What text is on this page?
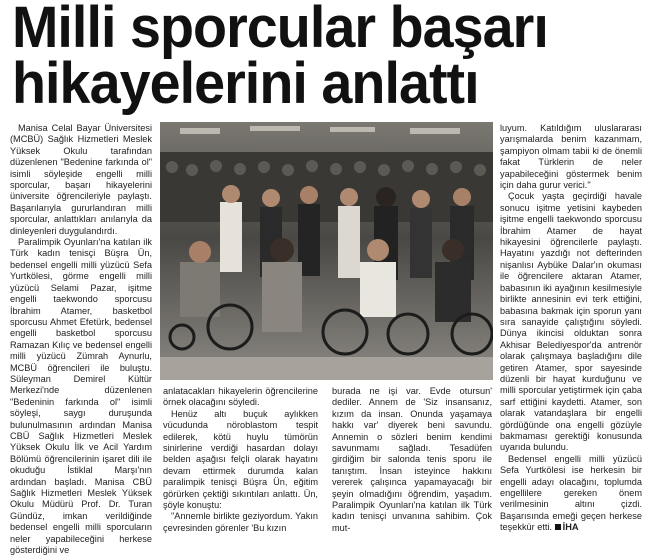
Milli sporcular başarı
hikayelerini anlattı

Manisa Celal Bayar Üniversitesi (MCBÜ) Sağlık Hizmetleri Meslek Yüksek Okulu tarafından düzenlenen "Bedenine farkında ol" isimli söyleşide engelli milli sporcular, başarı hikayelerini üniversite öğrencileriyle paylaştı. Başarılarıyla gururlandıran milli sporcular, anlattıkları anılarıyla da dinleyenleri duygulandırdı.

Paralimpik Oyunları'na katılan ilk Türk kadın tenisçi Büşra Ün, bedensel engelli milli yüzücü Sefa Yurtkölesi, görme engelli milli yüzücü Selami Pazar, işitme engelli taekwondo sporcusu İbrahim Atamer, basketbol sporcusu Ahmet Efetürk, bedensel engelli basketbol sporcusu Ramazan Kılıç ve bedensel engelli milli yüzücü Zümrah Aynurlu, MCBÜ öğrencileri ile buluştu. Süleyman Demirel Kültür Merkezi'nde düzenlenen "Bedeninin farkında ol" isimli söyleşi, saygı duruşunda bulunulmasının ardından Manisa CBÜ Sağlık Hizmetleri Meslek Yüksek Okulu İlk ve Acil Yardım Bölümü öğrencilerinin işaret dili ile okuduğu İstiklal Marşı'nın ardından başladı. Manisa CBÜ Sağlık Hizmetleri Meslek Yüksek Okulu Müdürü Prof. Dr. Turan Gündüz, imkan verildiğinde bedensel engelli milli sporcuların neler yapabileceğini herkese gösterdiğini ve

anlatacakları hikayelerin öğrencilerine örnek olacağını söyledi.

Henüz altı buçuk aylıkken vücudunda nöroblastom tespit edilerek, kötü huylu tümörün sinirlerine verdiği hasardan dolayı belden aşağısı felçli olarak hayatını devam ettirmek durumda kalan paralimpik tenisçi Büşra Ün, eğitim görürken çektiği sıkıntıları anlattı. Ün, şöyle konuştu:

"Annemle birlikte geziyordum. Yakın çevresinden görenler 'Bu kızın

burada ne işi var. Evde otursun' dediler. Annem de 'Siz insansanız, kızım da insan. Onunda yaşamaya hakkı var' diyerek beni savundu. Annemin o sözleri benim kendimi savunmamı sağladı. Tesadüfen girdiğim bir salonda tenis sporu ile tanıştım. İnsan isteyince hakkını vererek çalışınca yapamayacağı bir şeyin olmadığını öğrendim, yaşadım. Paralimpik Oyunları'na katılan ilk Türk kadın tenisçi unvanına sahibim. Çok mut-

luyum. Katıldığım uluslararası yarışmalarda benim kazanmam, şampiyon olmam tabii ki de önemli fakat Türklerin de neler yapabileceğini göstermek benim için daha gurur verici."

Çocuk yaşta geçirdiği havale sonucu işitme yetisini kaybeden işitme engelli taekwondo sporcusu İbrahim Atamer de hayat hikayesini öğrencilerle paylaştı. Hayatını yazdığı not defterinden nişanlısı Aybüke Dalar'ın okuması ile öğrencilere aktaran Atamer, babasının iki ayağının kesilmesiyle birlikte annesinin evi terk ettiğini, babasına bakmak için sporun yanı sıra sanayide çalıştığını söyledi. Dünya ikincisi olduktan sonra Akhisar Belediyespor'da antrenör olarak çalışmaya başladığını dile getiren Atamer, spor sayesinde düzenli bir hayat kurduğunu ve milli sporcular yetiştirmek için çaba sarf ettiğini kaydetti. Atamer, son olarak vatandaşlara bir engelli gördüğünde ona engelli gözüyle bakmaması gerektiği konusunda uyarıda bulundu.

Bedensel engelli milli yüzücü Sefa Yurtkölesi ise herkesin bir engelli adayı olacağını, toplumda engellilere gereken önem verilmesinin altını çizdi. Başarısında emeği geçen herkese teşekkür etti. İHA
